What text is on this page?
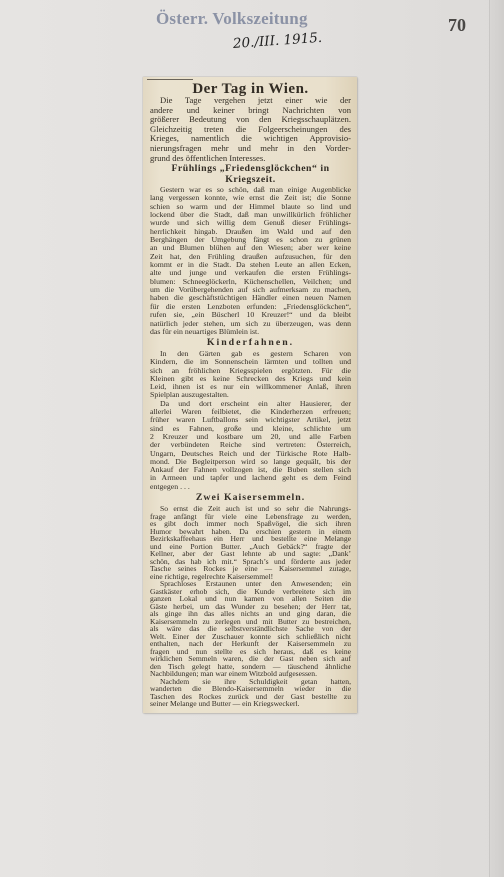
Österr. Volkszeitung	70
20./III. 1915.
Der Tag in Wien.
Die Tage vergehen jetzt einer wie der
andere und keiner bringt Nachrichten von
größerer Bedeutung von den Kriegsschauplätzen.
Gleichzeitig treten die Folgeerscheinungen des
Krieges, namentlich die wichtigen Approvisio-
nierungsfragen mehr und mehr in den Vorder-
grund des öffentlichen Interesses.
Frühlings „Friedensglöckchen“ in
Kriegszeit.
Gestern war es so schön, daß man einige Augenblicke
lang vergessen konnte, wie ernst die Zeit ist; die Sonne
schien so warm und der Himmel blaute so lind und
lockend über die Stadt, daß man unwillkürlich fröhlicher
wurde und sich willig dem Genuß dieser Frühlings-
herrlichkeit hingab. Draußen im Wald und auf den
Berghängen der Umgebung fängt es schon zu grünen
an und Blumen blühen auf den Wiesen; aber wer keine
Zeit hat, den Frühling draußen aufzusuchen, für den
kommt er in die Stadt. Da stehen Leute an allen Ecken,
alte und junge und verkaufen die ersten Frühlings-
blumen: Schneeglöckerln, Küchenschellen, Veilchen; und
um die Vorübergehenden auf sich aufmerksam zu machen,
haben die geschäftstüchtigen Händler einen neuen Namen
für die ersten Lenzboten erfunden: „Friedensglöckchen“,
rufen sie, „ein Büscherl 10 Kreuzer!“ und da bleibt
natürlich jeder stehen, um sich zu überzeugen, was denn
das für ein neuartiges Blümlein ist.
Kinderfahnen.
In den Gärten gab es gestern Scharen von
Kindern, die im Sonnenschein lärmten und tollten und
sich an fröhlichen Kriegsspielen ergötzten. Für die
Kleinen gibt es keine Schrecken des Kriegs und kein
Leid, ihnen ist es nur ein willkommener Anlaß, ihren
Spielplan auszugestalten.
Da und dort erscheint ein alter Hausierer, der
allerlei Waren feilbietet, die Kinderherzen erfreuen;
früher waren Luftballons sein wichtigster Artikel, jetzt
sind es Fahnen, große und kleine, schlichte um
2 Kreuzer und kostbare um 20, und alle Farben
der verbündeten Reiche sind vertreten: Österreich,
Ungarn, Deutsches Reich und der Türkische Rote Halb-
mond. Die Begleitperson wird so lange gequält, bis der
Ankauf der Fahnen vollzogen ist, die Buben stellen sich
in Armeen und tapfer und lachend geht es dem Feind
entgegen . . .
Zwei Kaisersemmeln.
So ernst die Zeit auch ist und so sehr die Nahrungs-
frage anfängt für viele eine Lebensfrage zu werden,
es gibt doch immer noch Spaßvögel, die sich ihren
Humor bewahrt haben. Da erschien gestern in einem
Bezirkskaffeehaus ein Herr und bestellte eine Melange
und eine Portion Butter. „Auch Gebäck?“ fragte der
Kellner, aber der Gast lehnte ab und sagte: „Dank’
schön, das hab ich mit.“ Sprach’s und förderte aus jeder
Tasche seines Rockes je eine — Kaisersemmel zutage,
eine richtige, regelrechte Kaisersemmel!
Sprachloses Erstaunen unter den Anwesenden; ein
Gastkäster erhob sich, die Kunde verbreitete sich im
ganzen Lokal und nun kamen von allen Seiten die
Gäste herbei, um das Wunder zu besehen; der Herr tat,
als ginge ihn das alles nichts an und ging daran, die
Kaisersemmeln zu zerlegen und mit Butter zu bestreichen,
als wäre das die selbstverständlichste Sache von der
Welt. Einer der Zuschauer konnte sich schließlich nicht
enthalten, nach der Herkunft der Kaisersemmeln zu
fragen und nun stellte es sich heraus, daß es keine
wirklichen Semmeln waren, die der Gast neben sich auf
den Tisch gelegt hatte, sondern — täuschend ähnliche
Nachbildungen; man war einem Witzbold aufgesessen.
Nachdem sie ihre Schuldigkeit getan hatten,
wanderten die Blendo-Kaisersemmeln wieder in die
Taschen des Rockes zurück und der Gast bestellte zu
seiner Melange und Butter — ein Kriegsweckerl.
